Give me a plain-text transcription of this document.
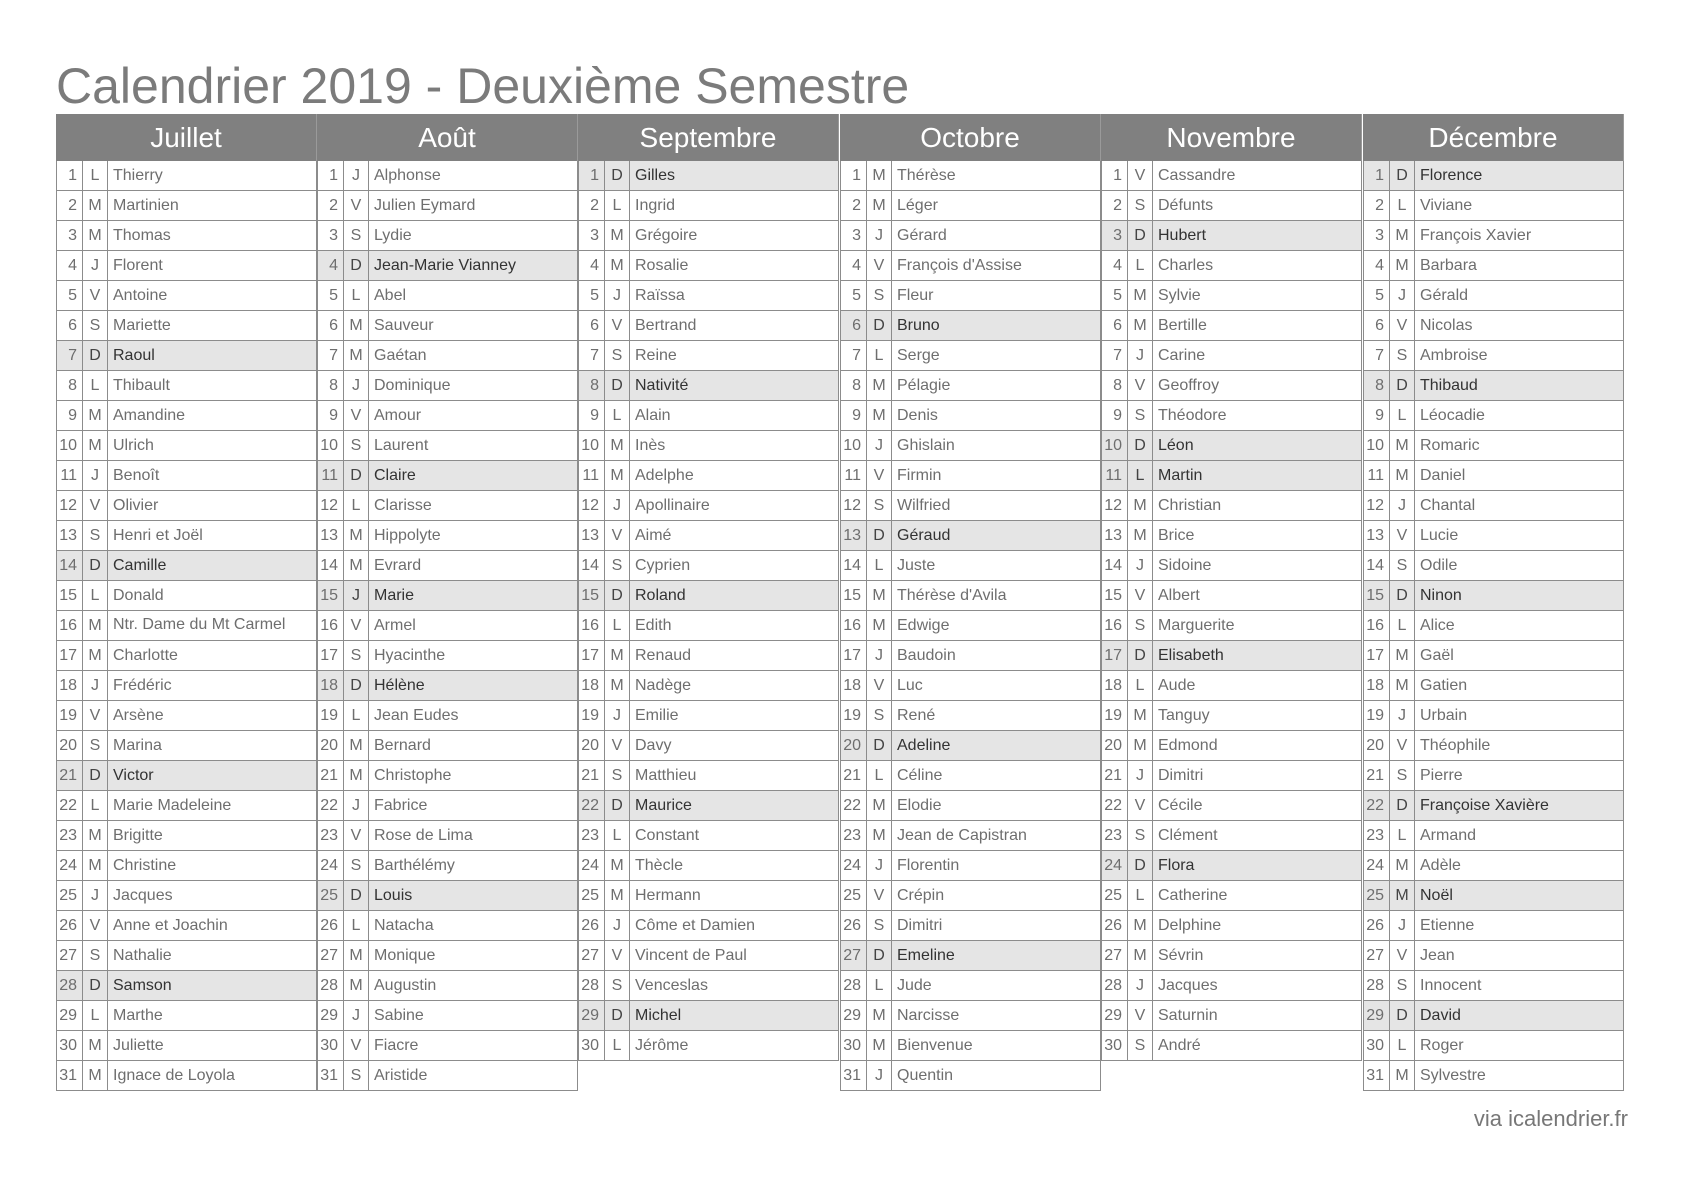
Calendrier 2019 - Deuxième Semestre
Juillet
1 L Thierry
2 M Martinien
3 M Thomas
4 J Florent
5 V Antoine
6 S Mariette
7 D Raoul
8 L Thibault
9 M Amandine
10 M Ulrich
11 J Benoît
12 V Olivier
13 S Henri et Joël
14 D Camille
15 L Donald
16 M Ntr. Dame du Mt Carmel
17 M Charlotte
18 J Frédéric
19 V Arsène
20 S Marina
21 D Victor
22 L Marie Madeleine
23 M Brigitte
24 M Christine
25 J Jacques
26 V Anne et Joachin
27 S Nathalie
28 D Samson
29 L Marthe
30 M Juliette
31 M Ignace de Loyola
Août
1 J Alphonse
2 V Julien Eymard
3 S Lydie
4 D Jean-Marie Vianney
5 L Abel
6 M Sauveur
7 M Gaétan
8 J Dominique
9 V Amour
10 S Laurent
11 D Claire
12 L Clarisse
13 M Hippolyte
14 M Evrard
15 J Marie
16 V Armel
17 S Hyacinthe
18 D Hélène
19 L Jean Eudes
20 M Bernard
21 M Christophe
22 J Fabrice
23 V Rose de Lima
24 S Barthélémy
25 D Louis
26 L Natacha
27 M Monique
28 M Augustin
29 J Sabine
30 V Fiacre
31 S Aristide
Septembre
1 D Gilles
2 L Ingrid
3 M Grégoire
4 M Rosalie
5 J Raïssa
6 V Bertrand
7 S Reine
8 D Nativité
9 L Alain
10 M Inès
11 M Adelphe
12 J Apollinaire
13 V Aimé
14 S Cyprien
15 D Roland
16 L Edith
17 M Renaud
18 M Nadège
19 J Emilie
20 V Davy
21 S Matthieu
22 D Maurice
23 L Constant
24 M Thècle
25 M Hermann
26 J Côme et Damien
27 V Vincent de Paul
28 S Venceslas
29 D Michel
30 L Jérôme
Octobre
1 M Thérèse
2 M Léger
3 J Gérard
4 V François d'Assise
5 S Fleur
6 D Bruno
7 L Serge
8 M Pélagie
9 M Denis
10 J Ghislain
11 V Firmin
12 S Wilfried
13 D Géraud
14 L Juste
15 M Thérèse d'Avila
16 M Edwige
17 J Baudoin
18 V Luc
19 S René
20 D Adeline
21 L Céline
22 M Elodie
23 M Jean de Capistran
24 J Florentin
25 V Crépin
26 S Dimitri
27 D Emeline
28 L Jude
29 M Narcisse
30 M Bienvenue
31 J Quentin
Novembre
1 V Cassandre
2 S Défunts
3 D Hubert
4 L Charles
5 M Sylvie
6 M Bertille
7 J Carine
8 V Geoffroy
9 S Théodore
10 D Léon
11 L Martin
12 M Christian
13 M Brice
14 J Sidoine
15 V Albert
16 S Marguerite
17 D Elisabeth
18 L Aude
19 M Tanguy
20 M Edmond
21 J Dimitri
22 V Cécile
23 S Clément
24 D Flora
25 L Catherine
26 M Delphine
27 M Sévrin
28 J Jacques
29 V Saturnin
30 S André
Décembre
1 D Florence
2 L Viviane
3 M François Xavier
4 M Barbara
5 J Gérald
6 V Nicolas
7 S Ambroise
8 D Thibaud
9 L Léocadie
10 M Romaric
11 M Daniel
12 J Chantal
13 V Lucie
14 S Odile
15 D Ninon
16 L Alice
17 M Gaël
18 M Gatien
19 J Urbain
20 V Théophile
21 S Pierre
22 D Françoise Xavière
23 L Armand
24 M Adèle
25 M Noël
26 J Etienne
27 V Jean
28 S Innocent
29 D David
30 L Roger
31 M Sylvestre
via icalendrier.fr
